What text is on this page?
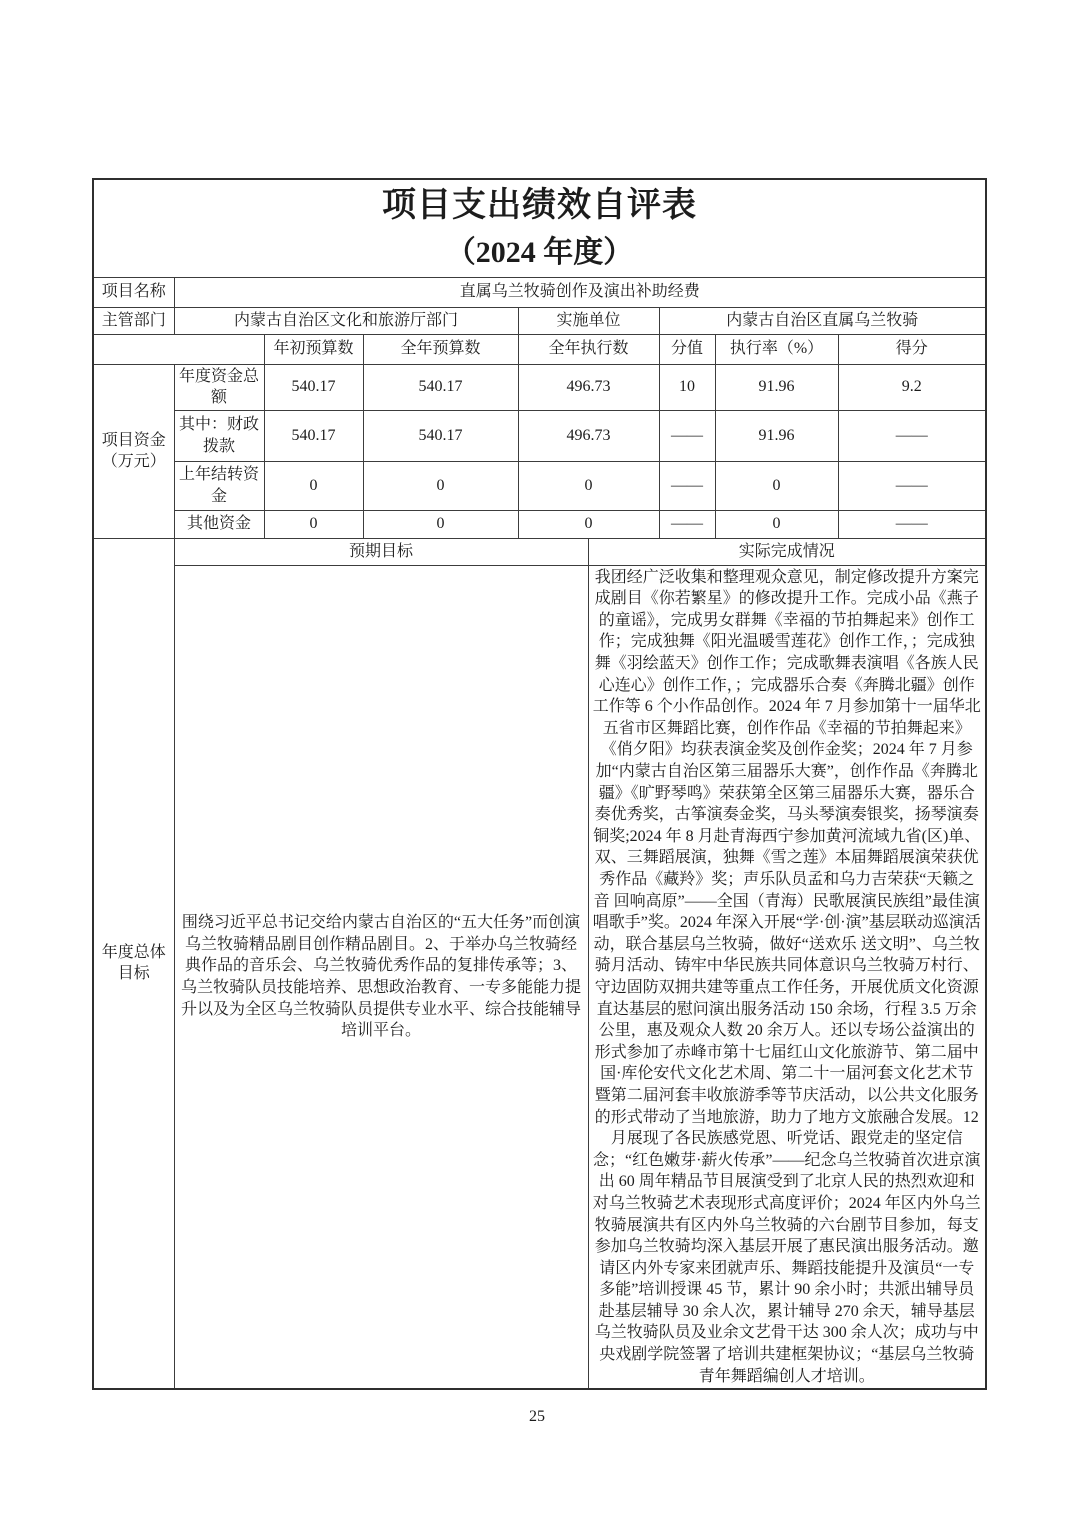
项目支出绩效自评表
（2024 年度）								

项目名称	直属乌兰牧骑创作及演出补助经费							
主管部门	内蒙古自治区文化和旅游厅部门			实施单位		内蒙古自治区直属乌兰牧骑		
		年初预算数	全年预算数	全年执行数		分值	执行率（%）	得分
项目资金（万元）	年度资金总额	540.17	540.17	496.73		10	91.96	9.2
	其中：财政拨款	540.17	540.17	496.73		——	91.96	——
	上年结转资金	0	0	0		——	0	——
	其他资金	0	0	0		——	0	——
年度总体目标	预期目标				实际完成情况			
	围绕习近平总书记交给内蒙古自治区的“五大任务”而创演乌兰牧骑精品剧目创作精品剧目。2、于举办乌兰牧骑经典作品的音乐会、乌兰牧骑优秀作品的复排传承等；3、乌兰牧骑队员技能培养、思想政治教育、一专多能能力提升以及为全区乌兰牧骑队员提供专业水平、综合技能辅导培训平台。				我团经广泛收集和整理观众意见，制定修改提升方案完成剧目《你若繁星》的修改提升工作。完成小品《燕子的童谣》，完成男女群舞《幸福的节拍舞起来》创作工作；完成独舞《阳光温暖雪莲花》创作工作，；完成独舞《羽绘蓝天》创作工作；完成歌舞表演唱《各族人民心连心》创作工作，；完成器乐合奏《奔腾北疆》创作工作等 6 个小作品创作。2024 年 7 月参加第十一届华北五省市区舞蹈比赛，创作作品《幸福的节拍舞起来》《俏夕阳》均获表演金奖及创作金奖；2024 年 7 月参加“内蒙古自治区第三届器乐大赛”，创作作品《奔腾北疆》《旷野琴鸣》荣获第全区第三届器乐大赛，器乐合奏优秀奖，古筝演奏金奖，马头琴演奏银奖，扬琴演奏铜奖;2024 年 8 月赴青海西宁参加黄河流域九省(区)单、双、三舞蹈展演，独舞《雪之莲》本届舞蹈展演荣获优秀作品《藏羚》奖；声乐队员孟和乌力吉荣获“天籁之音 回响高原”——全国（青海）民歌展演民族组”最佳演唱歌手”奖。2024 年深入开展“学·创·演”基层联动巡演活动，联合基层乌兰牧骑，做好“送欢乐 送文明”、乌兰牧骑月活动、铸牢中华民族共同体意识乌兰牧骑万村行、守边固防双拥共建等重点工作任务，开展优质文化资源直达基层的慰问演出服务活动 150 余场，行程 3.5 万余公里，惠及观众人数 20 余万人。还以专场公益演出的形式参加了赤峰市第十七届红山文化旅游节、第二届中国·库伦安代文化艺术周、第二十一届河套文化艺术节暨第二届河套丰收旅游季等节庆活动，以公共文化服务的形式带动了当地旅游，助力了地方文旅融合发展。12 月展现了各民族感党恩、听党话、跟党走的坚定信念；“红色嫩芽·薪火传承”——纪念乌兰牧骑首次进京演出 60 周年精品节目展演受到了北京人民的热烈欢迎和对乌兰牧骑艺术表现形式高度评价；2024 年区内外乌兰牧骑展演共有区内外乌兰牧骑的六台剧节目参加，每支参加乌兰牧骑均深入基层开展了惠民演出服务活动。邀请区内外专家来团就声乐、舞蹈技能提升及演员“一专多能”培训授课 45 节，累计 90 余小时；共派出辅导员赴基层辅导 30 余人次，累计辅导 270 余天，辅导基层乌兰牧骑队员及业余文艺骨干达 300 余人次；成功与中央戏剧学院签署了培训共建框架协议；“基层乌兰牧骑青年舞蹈编创人才培训。			
25
